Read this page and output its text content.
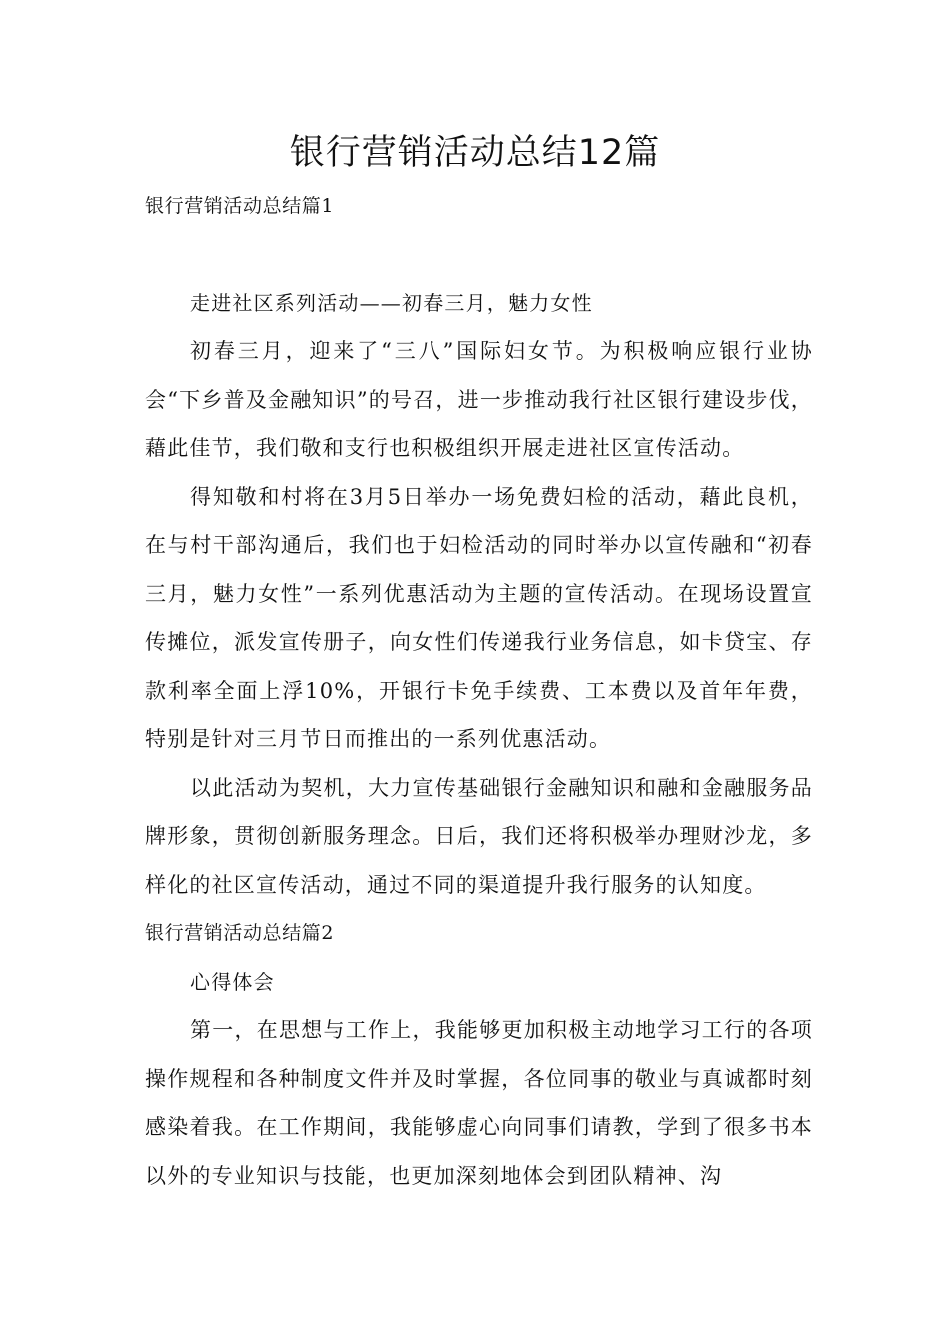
银行营销活动总结12篇

银行营销活动总结篇1

走进社区系列活动——初春三月，魅力女性

初春三月，迎来了“三八”国际妇女节。为积极响应银行业协会“下乡普及金融知识”的号召，进一步推动我行社区银行建设步伐，藉此佳节，我们敬和支行也积极组织开展走进社区宣传活动。

得知敬和村将在3月5日举办一场免费妇检的活动，藉此良机，在与村干部沟通后，我们也于妇检活动的同时举办以宣传融和“初春三月，魅力女性”一系列优惠活动为主题的宣传活动。在现场设置宣传摊位，派发宣传册子，向女性们传递我行业务信息，如卡贷宝、存款利率全面上浮10%，开银行卡免手续费、工本费以及首年年费，特别是针对三月节日而推出的一系列优惠活动。

以此活动为契机，大力宣传基础银行金融知识和融和金融服务品牌形象，贯彻创新服务理念。日后，我们还将积极举办理财沙龙，多样化的社区宣传活动，通过不同的渠道提升我行服务的认知度。

银行营销活动总结篇2

心得体会

第一，在思想与工作上，我能够更加积极主动地学习工行的各项操作规程和各种制度文件并及时掌握，各位同事的敬业与真诚都时刻感染着我。在工作期间，我能够虚心向同事们请教，学到了很多书本以外的专业知识与技能，也更加深刻地体会到团队精神、沟
